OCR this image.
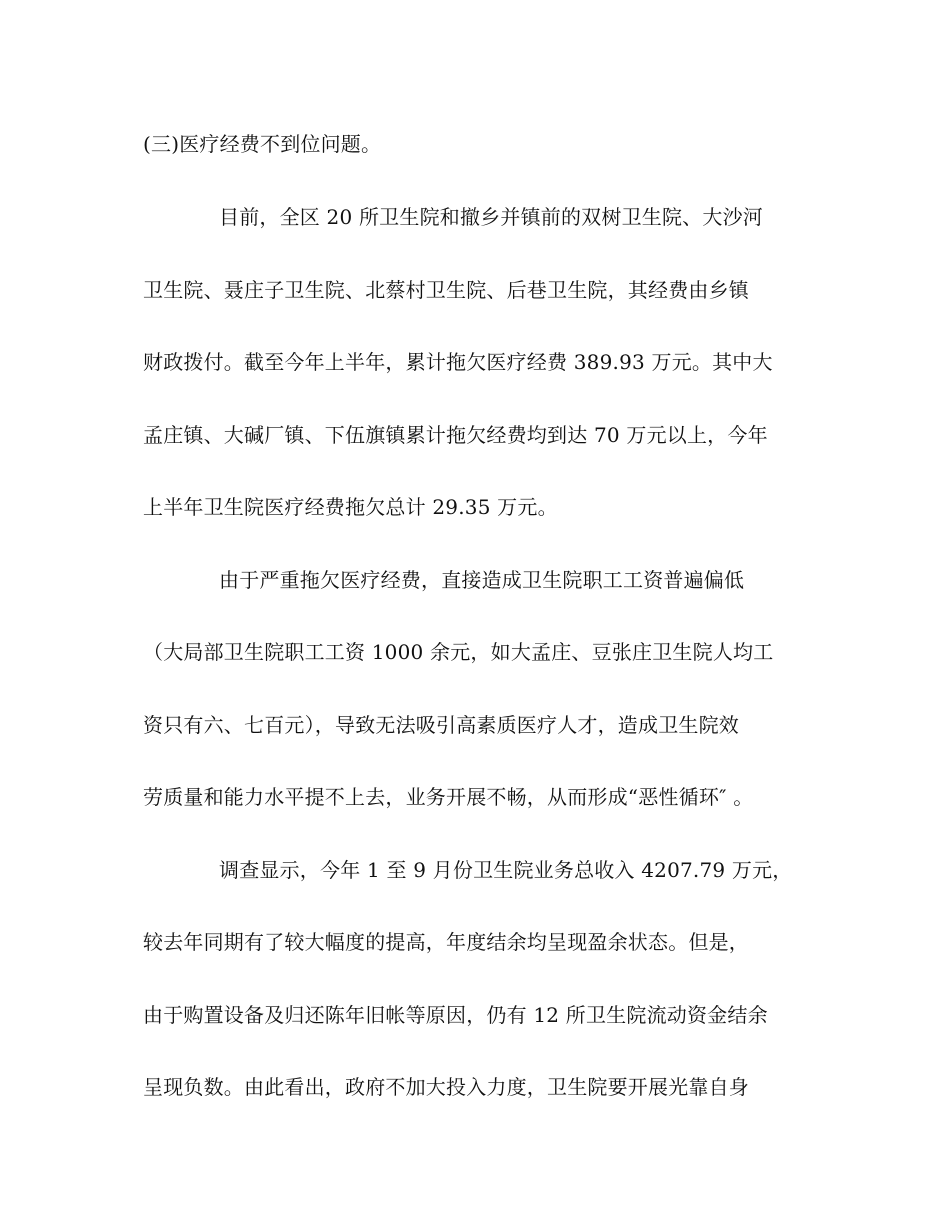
(三)医疗经费不到位问题。
目前，全区 20 所卫生院和撤乡并镇前的双树卫生院、大沙河
卫生院、聂庄子卫生院、北蔡村卫生院、后巷卫生院，其经费由乡镇
财政拨付。截至今年上半年，累计拖欠医疗经费 389.93 万元。其中大
孟庄镇、大碱厂镇、下伍旗镇累计拖欠经费均到达 70 万元以上，今年
上半年卫生院医疗经费拖欠总计 29.35 万元。
由于严重拖欠医疗经费，直接造成卫生院职工工资普遍偏低
（大局部卫生院职工工资 1000 余元，如大孟庄、豆张庄卫生院人均工
资只有六、七百元），导致无法吸引高素质医疗人才，造成卫生院效
劳质量和能力水平提不上去，业务开展不畅，从而形成“恶性循环″ 。
调查显示，今年 1 至 9 月份卫生院业务总收入 4207.79 万元，
较去年同期有了较大幅度的提高，年度结余均呈现盈余状态。但是，
由于购置设备及归还陈年旧帐等原因，仍有 12 所卫生院流动资金结余
呈现负数。由此看出，政府不加大投入力度，卫生院要开展光靠自身
